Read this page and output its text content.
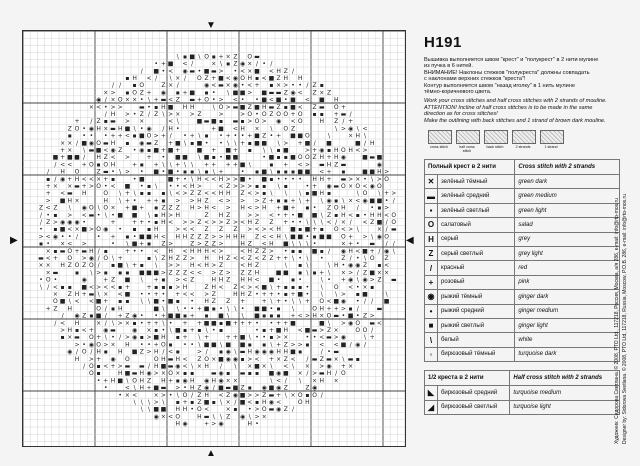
\ ▪ ■ \ O ▪ + × Z O ▬
• + ■ < /	× \ ▪ Z ◉ × / • /
/ ■ • < ◉ ▬ • ■ ▬ > • < × ■ < H Z /
▪ H < / \ × / O Z + ■ < ◉ O H ▪ < ■ Z H H
/ / ▪ O	Z × /	◉ < ▬ × ◉ • < + ▪ × > • • / Z ▪
× > ▪ O Z + ◉ ▪ + ■ ▪ • \ ■ ■ > ■ ▬ ▬ Z ◉ < Z × Z
◉ / × O × × • \ + ▬ < Z ▬ + O • > < • • ■ < ■ • ■ < ■ H
× < • > >	▬ • ▪ H ■ H H	\ O > ▬ ■ Z ■ H ▬ Z ▪ ■ < Z ▬ O +
/ H > • Z / Z \ > × > Z	>	> O • O Z O O + O ▪ ▪ + ▬ /
+ / Z ▪ ▬ > ×	< \	■ ▬ ■ ▪ ▬ ▪ > O > ◉ < O	H Z / +
Z O • ◉ H × ▬ H ■ \ • ◉ / H •	+ ■ < H × \ O Z	\ > ◉ \ <
▪ • • • + + < ▪ ■ O > + / • + \ ▪ • + • • + ■ Z • + ■ ■ O	\	× H \
× × / ■ ◉ O ▬ H ▪ ◉ ▬ Z + ■ \ ▪ ■ • • \ \ + ▪ ■ ■ \ > + ■ / ■	■ / H
+ × \ ▬ ■ < ◉ Z • ◉ ▪ ■ + ■ +	■ + ■ + ▪ \ \ ▪ ■	> + ◉ ▪ H O H < >
■ + ■ ■ / H Z < >	+ • ■ ■ \ ■ ▪ • ■ ■	• ■ ▪ ▪ ■ O O Z H + H ◉	■ ▬ ■
/ < < + O ▪ O H	+ ▪ + \ \ + \ \ + + + + ■ \	▪ + < > ▬ H Z ▬	◉
/ H O	Z ▬ • \ > • ■ • ■ • ▪ ▪ \ ▪ \ +	• ▪ ■ \ ▪ ▪ ▪ ■ ■ < + ▪	■ ■ H >
▪ / ◉ + H < < × + ▪	• ■	■ + • \ H < < H > > ■ • ■ ▪ • • • • H H + ▬ > × • \ > O
+ × × ▬ + > O • < ■ • ▪ \ • • < H >	< Z > > > ▪ ▪ \ ▪	• + ◉ ▬ O × O < ◉ O
+ < ▬ H	O \ + \ ▪ ▪ ▪ \ < > Z Z < < H H Z < > ▪ \ \ \ ▪ ■ H ▪	\ O \ + >
> ■ H ×	H \ + • + + ▪ > > H Z < > > > Z + ▪ ▪ + \ + \ ◉ ▪ \ × < ◉ ■ ■ • /
Z < Z \ ◉ O \ O × + ■ + ▪ Z Z Z H > H < > H < > H + ■ + ▪ • Z O H / • ▪ >
/ • ▪ > < ▬ • \ • ■ ■ \ ▪ H > H	Z H Z	> > < • + • ■ ■ \ Z ▪ H < ▪ • H H < O
/ Z > ◉ ◉ ◉ •	+	+ + • ▪ H < > > Z < > > Z > < H Z Z + • • \ \ \ < / × / < Z ■ / O
• ▪ ■ < × ■ > O ◉ • ▪ ▪ H	> < < Z Z Z > < > < H ■ ▪ ■ + ▪ O < > \	× / ▬
> < ◉ • • /	• + ▪ • ■ ■ H < H H Z Z Z > > H H H Z < < H \ ■ ■ • ▪ ■ ■ O + > \ ◉ O
▪ • × < >	• \ ■ + ▪ Z >	Z > Z Z >	H Z < H ■ \ \ \ •	× + • ▬ / /
× ▪ ▬ O + ▬ H / ▪	+ • • < H < H H H < >	< H Z Z > • ▪ ▪ ■ ▪ / ◉ H < ■ + / ◉ \
▬ < + O > ◉ / O \ +	▪ \ Z H Z Z > H H Z < < Z < Z Z + + \ • \ •	Z / • \ O Z
× × H Z O Z O / ▪ ■ \ + ▪ \ > > H < H > Z	< H Z	\ ▪ \	\ H • ◉ ◉ Z ▪ <
× ▬	▪ \ > ▪ ▪ ▪ ■ ■ ■ > Z Z Z < < > Z > Z Z H	■ ■ ▪ \ ▪ + \ × > / Z ■ × ×
• O •	◉	+ Z ■ \ + ▪ > < Z	H H Z H H < ■ • ▪ •	\ • + ◉ \ ◉ > Z ▬
\ / < ▪ ▪ ■ < > < < ▪ +	+ ▪ ▪ ▪ > H	Z H < Z < > < ■ \ + ▪ ▪ ▪ • \ O < • × ▪
× Z H + ▬ \ × < ■ • • + • + < < > Z	H H Z • + + • ▪ + ■ • \ \ > ▪ ■	\
O ■ \ < < ■ + ▪ ▪ \ \ ■ • ■ ▪ • H Z Z +	+ \ + • \ \ + O < ■ ◉ • / / ■
+ Z H	O / ▪ H	■ \ \ • • + ■ ▪ • \ \ • ■ ■ • ▪ \	O H + + > ▪ /	▬
/ ◉ Z ▪ ■ / + Z ◉ • • + ■ ■ ▪ + ▪ ■ \ \ ■ ▪ ▪ ▪ + < > H × O ▬ • ■ • Z >
/ < H	× / \ > × ▪ • + + \ • + + ■ ■ ▪ ■ + + + • • + + ■	■ \ > ◉ O ▬ <
> H ▪ < + ◉ ▬	◉ × ▪ • \ ■ ▪ + ▪ \ • ▪	• ▪ + ■ H < ■ ▬ > Z ×	O O /
▪ × ▬ O + \ • / > ◉ ▪ > ■ H ▪ + \ +	+ + ■ \ • • ▪ > ×	• • < ▬ > ◉	\ +
> • ◉ O > × H • • + O ▪ • • \ ■ ■ \ ■ ■ ▪ ▪ \ + Z > > ▪ < < ■ / ◉ /
◉ / O / H ▪ H ■ Z > H / < ▪	> / ▪ ◉ \ ▬ H ◉ ◉ ◉ H H ■ ▪	/ • ▬
H > + ◉ O	O H ▬ H < Z O × ■ ◉ ◉ ▪ > < + × Z < / ▬ Z ▬ × \ ▬ ▪
/ O ▪ < + > ▬ ▬ / H ■ ▬ ◉ < \ × H / \ × ■ × \ < \ × > ◉ + ×
O ▪	H ■ ▬ H ◉ > × O × ▪ ▪	▬ ◉ ▪ ▬ ▪ ▪ ■ ◉ ■ × / > ▬ H / O
• + H ■ \ O H Z H + ▪ ◉ H ◉ H ◉ × ×	\ < / \ × H ×
•	< \ H + ■ ▬ > • H Z ◉ / ■ ▬ ■ Z ▪ ◉ ■ ◉ Z	Z ◉
• × <	× > • \ O / Z H < Z ◉ ■ > > Z ▬ + \ × O ▪ O /
\ \ \ > \ ▪ + ▪ Z ■ ▪ \ × / ■ < ▪ H ◉ <	O H
\ \ ■ ■ H H • O <	× ▪ • > O ▬ ◉ Z /
◉ × < O	H ▬ \ \ Z ◉ \ > ×
H ◉	+ > ◉	H •
▼
▲
▶	◀
H191
Вышивка выполняется швом "крест" и "полукрест" в 2 нити мулине
из пучка в 6 нитей.
ВНИМАНИЕ! Наклоны стежков "полукреста" должны совпадать
с наклонами верхних стежков "креста"!
Контур выполняется швом "назад иголку" в 1 нить мулине
тёмно-коричневого цвета.
Work your cross stitches and half cross stitches with 2 strands of mouline.
ATTENTION! Incline of half cross stitches is to be made in the same
direction as for cross stitches!
Make the outlining with back stitches and 1 strand of brown dark mouline.
cross stitch	half cross stitch
back stitch	2 strands	1 strand
Полный крест в 2 нити		Cross stitch with 2 strands
✕	зелёный тёмный	green dark
▬	зелёный средний	green medium
▪	зелёный светлый	green light
O	салатовый	salad
H	серый	grey
Z	серый светлый	grey light
/	красный	red
+	розовый	pink
◉	рыжий тёмный	ginger dark
•	рыжий средний	ginger medium
■	рыжий светлый	ginger light
\	белый	white
◦	бирюзовый тёмный	turquoise dark
1/2 креста в 2 нити		Half cross stitch with 2 strands
◣	бирюзовый средний	turquoise medium
◢	бирюзовый светлый	turquoise light	Художник: Сидорова Светлана. © 2008, PTO Ltd., 117218, Россия, Москва, а/я 286, e-mail: info@rto-mos.ru Designer by: Sidorova Svetlana. © 2008, PTO Ltd, 117218, Russia, Moscow, P.O.B. 286, e-mail: info@rto-mos.ru
